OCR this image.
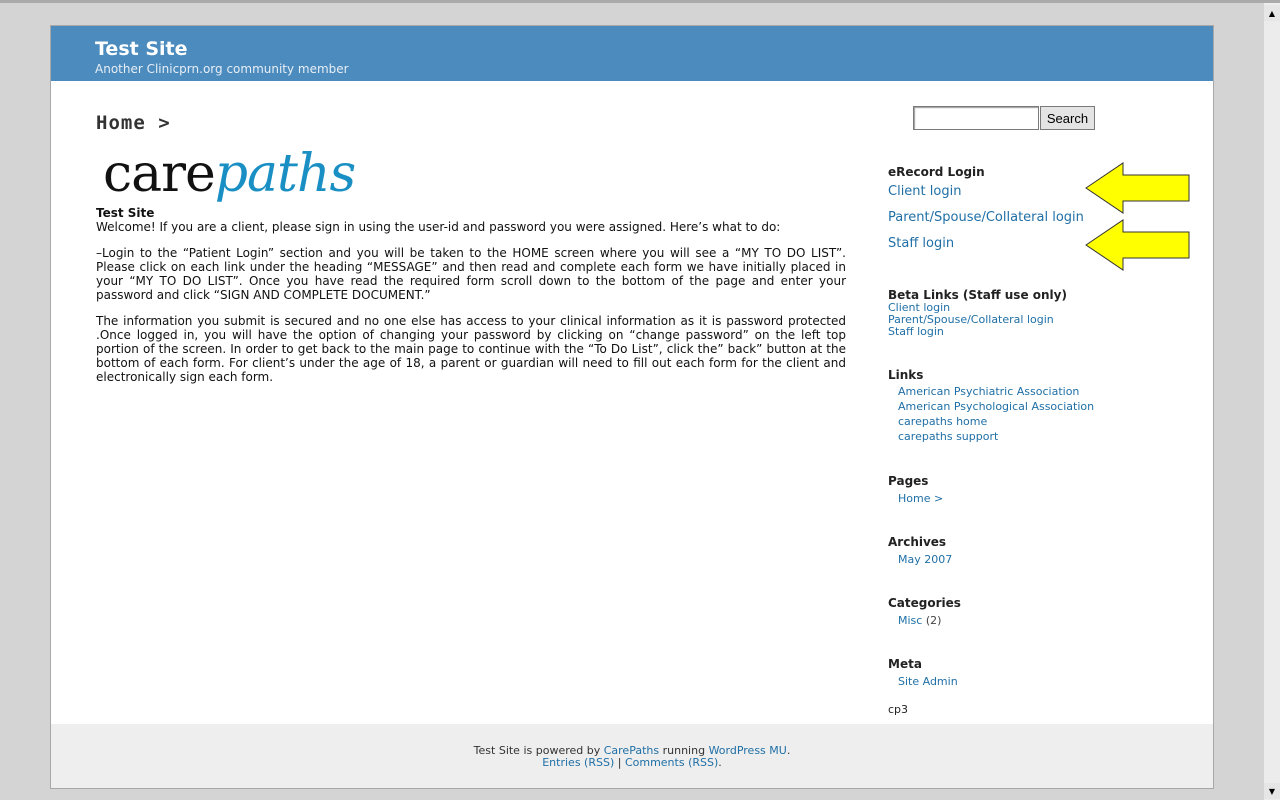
Test Site
Another Clinicprn.org community member
Home >
carepaths
Test Site

Welcome! If you are a client, please sign in using the user-id and password you were assigned. Here’s what to do:

–Login to the “Patient Login” section and you will be taken to the HOME screen where you will see a “MY TO DO LIST”. Please click on each link under the heading “MESSAGE” and then read and complete each form we have initially placed in your “MY TO DO LIST”. Once you have read the required form scroll down to the bottom of the page and enter your password and click “SIGN AND COMPLETE DOCUMENT.”

The information you submit is secured and no one else has access to your clinical information as it is password protected .Once logged in, you will have the option of changing your password by clicking on “change password” on the left top portion of the screen. In order to get back to the main page to continue with the “To Do List”, click the” back” button at the bottom of each form. For client’s under the age of 18, a parent or guardian will need to fill out each form for the client and electronically sign each form.

Search
eRecord Login
Client login
Parent/Spouse/Collateral login
Staff login
Beta Links (Staff use only)
Client login
Parent/Spouse/Collateral login
Staff login
Links
American Psychiatric Association
American Psychological Association
carepaths home
carepaths support
Pages
Home >
Archives
May 2007
Categories
Misc (2)
Meta
Site Admin
cp3
Test Site is powered by CarePaths running WordPress MU.
Entries (RSS) | Comments (RSS).
▲
▼
